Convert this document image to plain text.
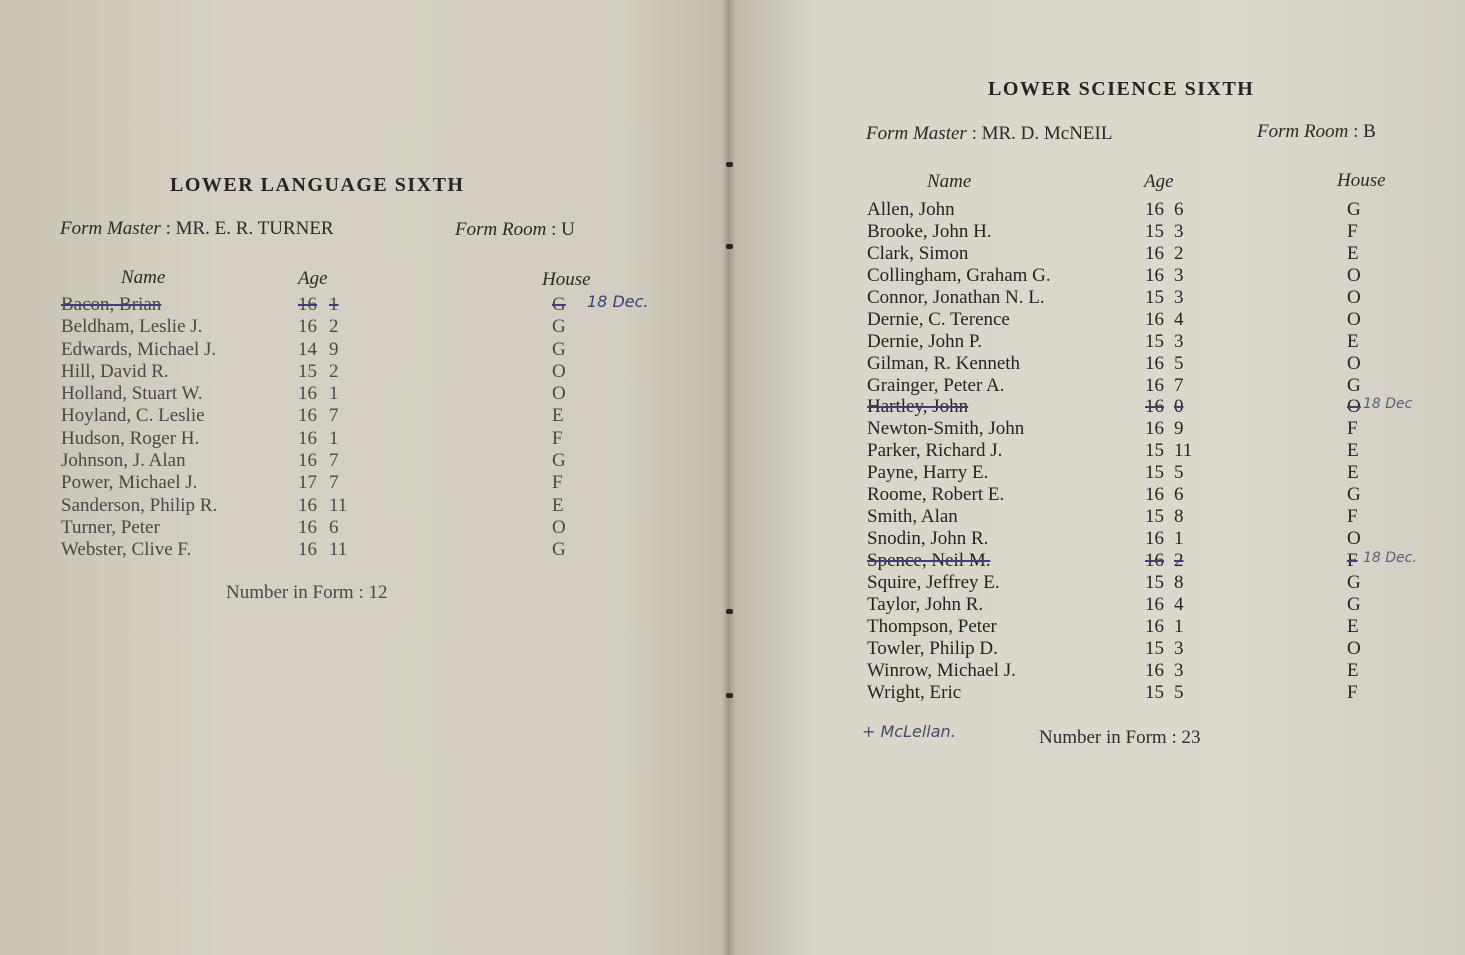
LOWER LANGUAGE SIXTH
Form Master : MR. E. R. TURNER	Form Room : U
Name	Age	House
Bacon, Brian	16 1	G 18 Dec.
Beldham, Leslie J.	16 2	G
Edwards, Michael J.	14 9	G
Hill, David R.	15 2	O
Holland, Stuart W.	16 1	O
Hoyland, C. Leslie	16 7	E
Hudson, Roger H.	16 1	F
Johnson, J. Alan	16 7	G
Power, Michael J.	17 7	F
Sanderson, Philip R.	16 11	E
Turner, Peter	16 6	O
Webster, Clive F.	16 11	G
Number in Form : 12
LOWER SCIENCE SIXTH
Form Master : MR. D. McNEIL	Form Room : B
Name	Age	House
Allen, John	16 6	G
Brooke, John H.	15 3	F
Clark, Simon	16 2	E
Collingham, Graham G.	16 3	O
Connor, Jonathan N. L.	15 3	O
Dernie, C. Terence	16 4	O
Dernie, John P.	15 3	E
Gilman, R. Kenneth	16 5	O
Grainger, Peter A.	16 7	G
Hartley, John	16 0	O 18 Dec
Newton-Smith, John	16 9	F
Parker, Richard J.	15 11	E
Payne, Harry E.	15 5	E
Roome, Robert E.	16 6	G
Smith, Alan	15 8	F
Snodin, John R.	16 1	O
Spence, Neil M.	16 2	F 18 Dec.
Squire, Jeffrey E.	15 8	G
Taylor, John R.	16 4	G
Thompson, Peter	16 1	E
Towler, Philip D.	15 3	O
Winrow, Michael J.	16 3	E
Wright, Eric	15 5	F
+ McLellan.	Number in Form : 23
